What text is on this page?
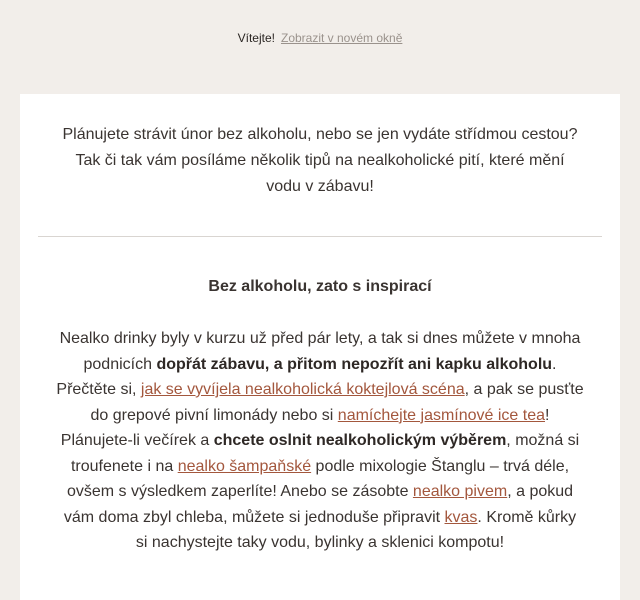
Vítejte! Zobrazit v novém okně
Plánujete strávit únor bez alkoholu, nebo se jen vydáte střídmou cestou? Tak či tak vám posíláme několik tipů na nealkoholické pití, které mění vodu v zábavu!
Bez alkoholu, zato s inspirací
Nealko drinky byly v kurzu už před pár lety, a tak si dnes můžete v mnoha podnicích dopřát zábavu, a přitom nepozřít ani kapku alkoholu. Přečtěte si, jak se vyvíjela nealkoholická koktejlová scéna, a pak se pusťte do grepové pivní limonády nebo si namíchejte jasmínové ice tea! Plánujete-li večírek a chcete oslnit nealkoholickým výběrem, možná si troufenete i na nealko šampaňské podle mixologie Štanglu – trvá déle, ovšem s výsledkem zaperlíte! Anebo se zásobte nealko pivem, a pokud vám doma zbyl chleba, můžete si jednoduše připravit kvas. Kromě kůrky si nachystejte taky vodu, bylinky a sklenici kompotu!
